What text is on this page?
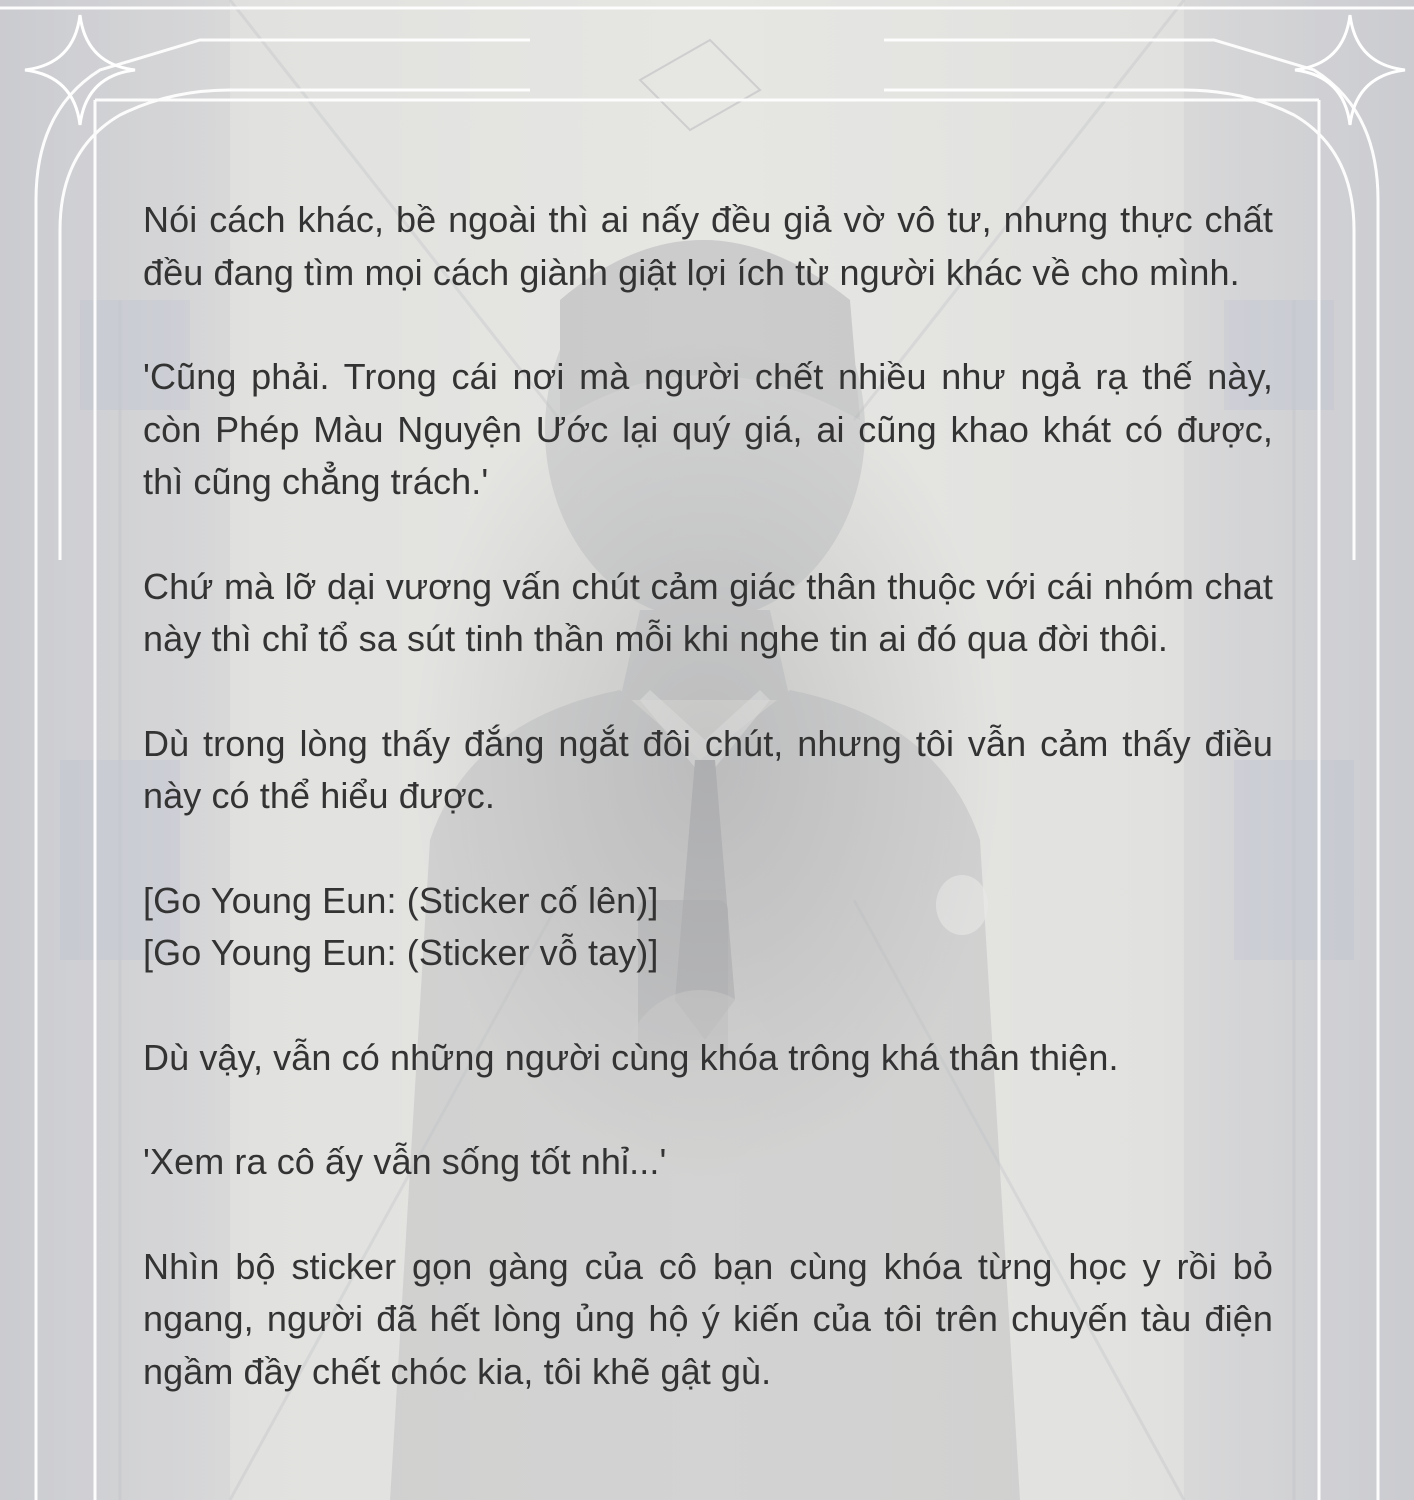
Nói cách khác, bề ngoài thì ai nấy đều giả vờ vô tư, nhưng thực chất đều đang tìm mọi cách giành giật lợi ích từ người khác về cho mình.

'Cũng phải. Trong cái nơi mà người chết nhiều như ngả rạ thế này, còn Phép Màu Nguyện Ước lại quý giá, ai cũng khao khát có được, thì cũng chẳng trách.'

Chứ mà lỡ dại vương vấn chút cảm giác thân thuộc với cái nhóm chat này thì chỉ tổ sa sút tinh thần mỗi khi nghe tin ai đó qua đời thôi.

Dù trong lòng thấy đắng ngắt đôi chút, nhưng tôi vẫn cảm thấy điều này có thể hiểu được.

[Go Young Eun: (Sticker cố lên)]
[Go Young Eun: (Sticker vỗ tay)]

Dù vậy, vẫn có những người cùng khóa trông khá thân thiện.

'Xem ra cô ấy vẫn sống tốt nhỉ...'

Nhìn bộ sticker gọn gàng của cô bạn cùng khóa từng học y rồi bỏ ngang, người đã hết lòng ủng hộ ý kiến của tôi trên chuyến tàu điện ngầm đầy chết chóc kia, tôi khẽ gật gù.
